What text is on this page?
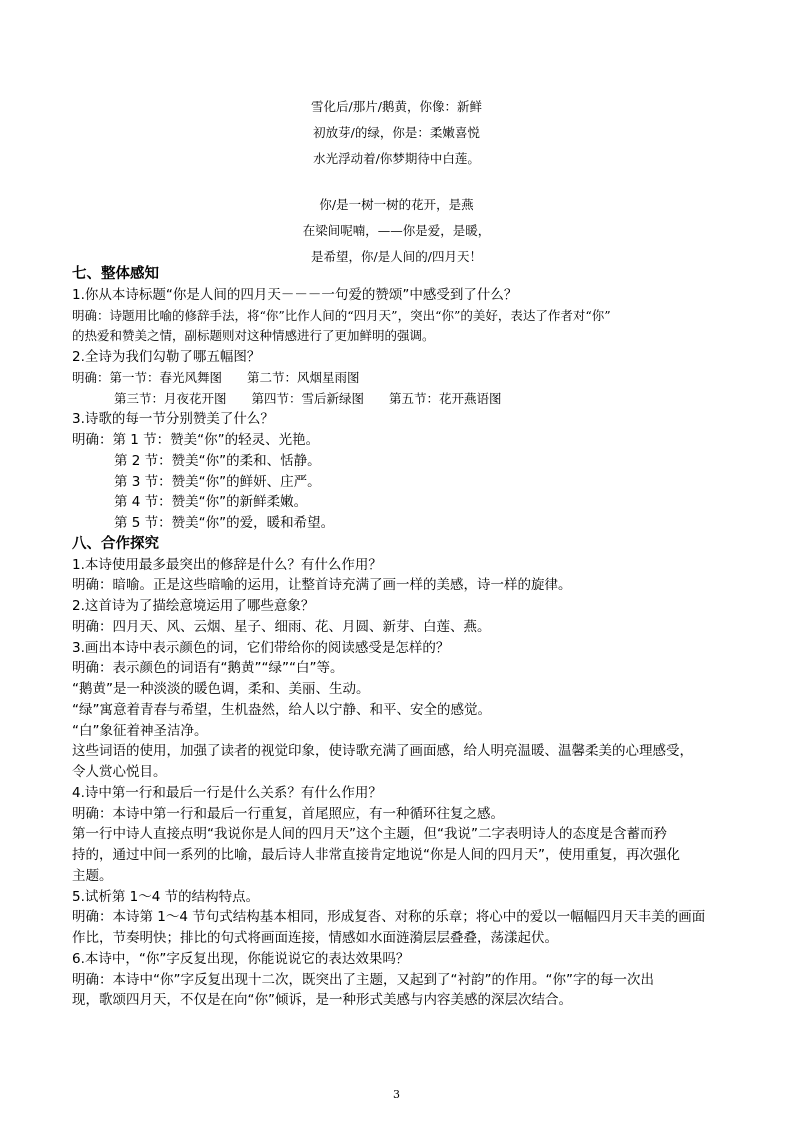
雪化后/那片/鹅黄，你像：新鲜
初放芽/的绿，你是：柔嫩喜悦
水光浮动着/你梦期待中白莲。
你/是一树一树的花开，是燕
在梁间呢喃，——你是爱，是暖，
是希望，你/是人间的/四月天！

七、整体感知

1.你从本诗标题“你是人间的四月天－－－一句爱的赞颂”中感受到了什么？

明确：诗题用比喻的修辞手法，将“你”比作人间的“四月天”，突出“你”的美好，表达了作者对“你”

的热爱和赞美之情，副标题则对这种情感进行了更加鲜明的强调。

2.全诗为我们勾勒了哪五幅图？

明确：第一节：春光风舞图　　第二节：风烟星雨图

第三节：月夜花开图　　第四节：雪后新绿图　　第五节：花开燕语图

3.诗歌的每一节分别赞美了什么？

明确：第 1 节：赞美“你”的轻灵、光艳。

第 2 节：赞美“你”的柔和、恬静。

第 3 节：赞美“你”的鲜妍、庄严。

第 4 节：赞美“你”的新鲜柔嫩。

第 5 节：赞美“你”的爱，暖和希望。

八、合作探究

1.本诗使用最多最突出的修辞是什么？有什么作用？

明确：暗喻。正是这些暗喻的运用，让整首诗充满了画一样的美感，诗一样的旋律。

2.这首诗为了描绘意境运用了哪些意象？

明确：四月天、风、云烟、星子、细雨、花、月圆、新芽、白莲、燕。

3.画出本诗中表示颜色的词，它们带给你的阅读感受是怎样的？

明确：表示颜色的词语有“鹅黄”“绿”“白”等。

“鹅黄”是一种淡淡的暖色调，柔和、美丽、生动。

“绿”寓意着青春与希望，生机盎然，给人以宁静、和平、安全的感觉。

“白”象征着神圣洁净。

这些词语的使用，加强了读者的视觉印象，使诗歌充满了画面感，给人明亮温暖、温馨柔美的心理感受，

令人赏心悦目。

4.诗中第一行和最后一行是什么关系？有什么作用？

明确：本诗中第一行和最后一行重复，首尾照应，有一种循环往复之感。

第一行中诗人直接点明“我说你是人间的四月天”这个主题，但“我说”二字表明诗人的态度是含蓄而矜

持的，通过中间一系列的比喻，最后诗人非常直接肯定地说“你是人间的四月天”，使用重复，再次强化

主题。

5.试析第 1～4 节的结构特点。

明确：本诗第 1～4 节句式结构基本相同，形成复沓、对称的乐章；将心中的爱以一幅幅四月天丰美的画面

作比，节奏明快；排比的句式将画面连接，情感如水面涟漪层层叠叠，荡漾起伏。

6.本诗中，“你”字反复出现，你能说说它的表达效果吗？

明确：本诗中“你”字反复出现十二次，既突出了主题，又起到了“衬韵”的作用。“你”字的每一次出

现，歌颂四月天，不仅是在向“你”倾诉，是一种形式美感与内容美感的深层次结合。

3
